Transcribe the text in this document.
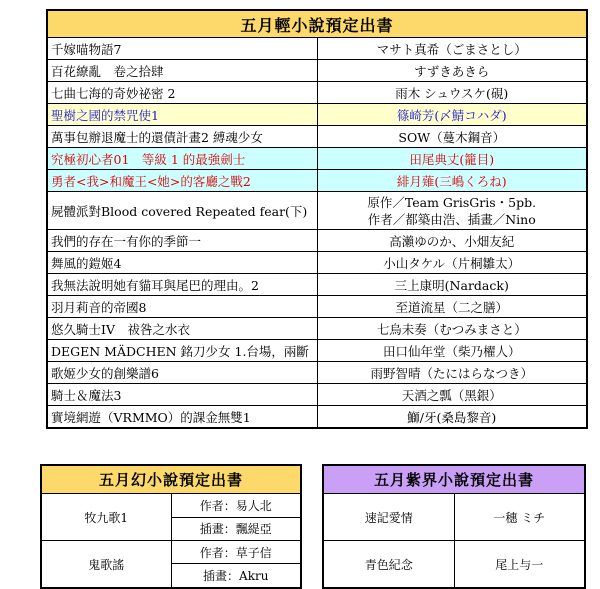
五月輕小說預定出書	
千嫁喵物語7	マサト真希（ごまさとし）
百花繚亂　卷之拾肆	すずきあきら
七曲七海的奇妙祕密 2	雨木 シュウスケ(硯)
聖樹之國的禁咒使1	篠崎芳(〆鯖コハダ)
萬事包辦退魔士的還債計畫2 縛魂少女	SOW（蔓木鋼音）
究極初心者01　等級 1 的最強劍士	田尾典丈(籠目)
勇者<我>和魔王<她>的客廳之戰2	緋月薙(三嶋くろね)
屍體派對Blood covered Repeated fear(下)	原作／Team GrisGris・5pb.
作者／都築由浩、插畫／Nino

我們的存在一有你的季節一	高瀨ゆのか、小畑友紀
舞風的鎧姬4	小山タケル（片桐雛太）
我無法說明她有貓耳與尾巴的理由。2	三上康明(Nardack)
羽月莉音的帝國8	至道流星（二之膳）
悠久騎士IV　祓咎之水衣	七烏未奏（むつみまさと）
DEGEN MÄDCHEN 銘刀少女 1.台場，兩斷	田口仙年堂（柴乃櫂人）
歌姬少女的創樂譜6	雨野智晴（たにはらなつき）
騎士＆魔法3	天酒之瓢（黑銀）
實境網遊（VRMMO）的課金無雙1	鰤/牙(桑島黎音)
五月幻小說預定出書	
牧九歌1	作者：易人北
	插畫：飄緹亞
鬼歌謠	作者：草子信
	插畫：Akru
五月紫界小說預定出書	
速記愛情	一穗 ミチ
青色紀念	尾上与一
